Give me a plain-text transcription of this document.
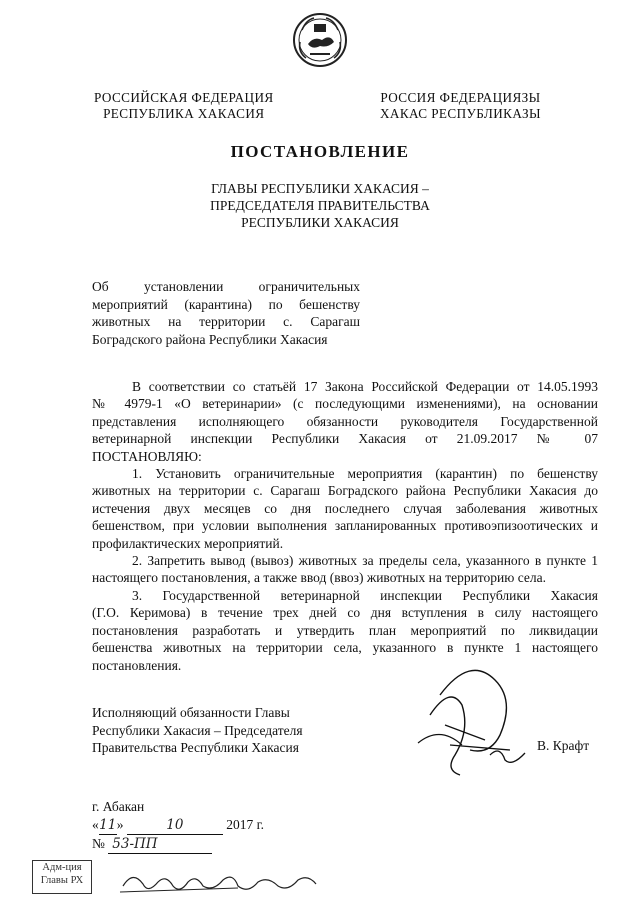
РОССИЙСКАЯ ФЕДЕРАЦИЯ
РЕСПУБЛИКА ХАКАСИЯ
РОССИЯ ФЕДЕРАЦИЯЗЫ
ХАКАС РЕСПУБЛИКАЗЫ
ПОСТАНОВЛЕНИЕ
ГЛАВЫ РЕСПУБЛИКИ ХАКАСИЯ –
ПРЕДСЕДАТЕЛЯ ПРАВИТЕЛЬСТВА
РЕСПУБЛИКИ ХАКАСИЯ
Об установлении ограничительных
мероприятий (карантина) по бешенству
животных на территории с. Сарагаш
Боградского района Республики Хакасия
В соответствии со статьёй 17 Закона Российской Федерации от 14.05.1993
№ 4979-1 «О ветеринарии» (с последующими изменениями), на основании
представления исполняющего обязанности руководителя Государственной
ветеринарной инспекции Республики Хакасия от 21.09.2017 № 07
ПОСТАНОВЛЯЮ:
1. Установить ограничительные мероприятия (карантин) по бешенству
животных на территории с. Сарагаш Боградского района Республики Хакасия до
истечения двух месяцев со дня последнего случая заболевания животных
бешенством, при условии выполнения запланированных противоэпизоотических и
профилактических мероприятий.
2. Запретить вывод (вывоз) животных за пределы села, указанного в пункте 1
настоящего постановления, а также ввод (ввоз) животных на территорию села.
3. Государственной ветеринарной инспекции Республики Хакасия
(Г.О. Керимова) в течение трех дней со дня вступления в силу настоящего
постановления разработать и утвердить план мероприятий по ликвидации
бешенства животных на территории села, указанного в пункте 1 настоящего
постановления.
Исполняющий обязанности Главы
Республики Хакасия – Председателя
Правительства Республики Хакасия	В. Крафт
г. Абакан
«11»	10	2017 г.
№ 53-ПП
Адм-ция
Главы РХ
